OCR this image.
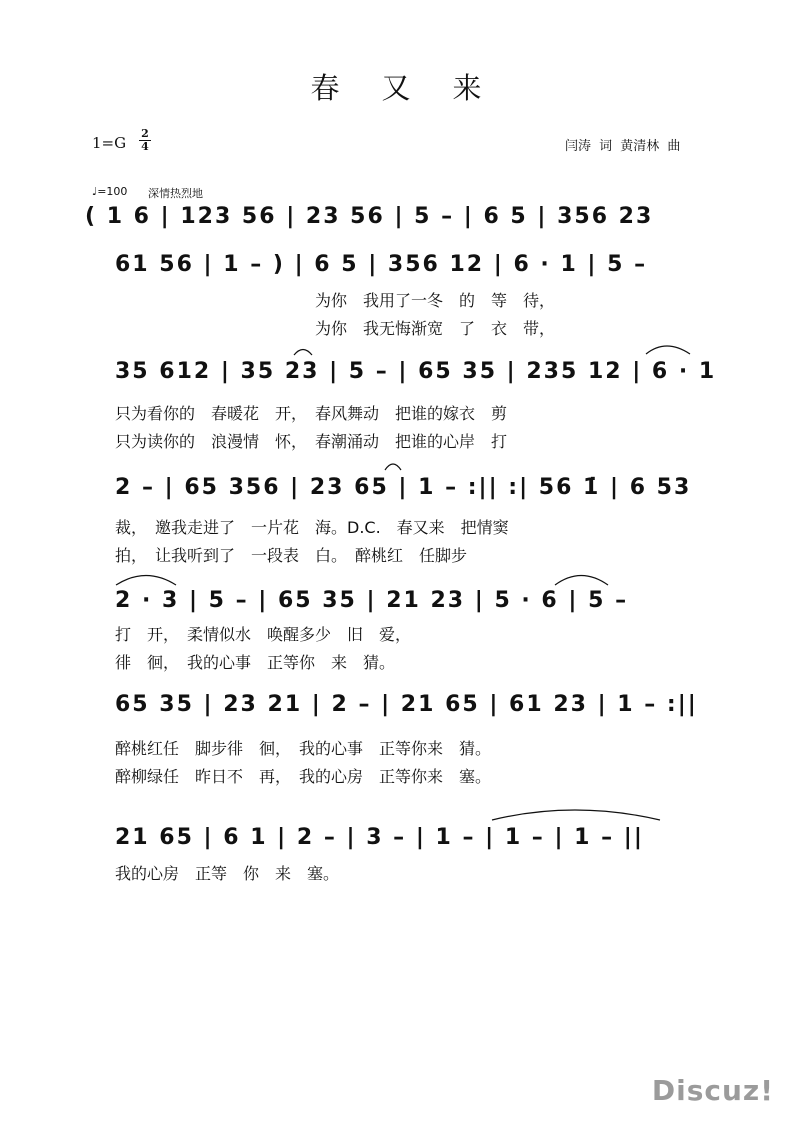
春又来
1=G
2
4	闫涛 词 黄清林 曲
♩=100 深情热烈地
( 1 6 | 123 56 | 23 56 | 5 – | 6 5 | 356 23
61 56 | 1 – ) | 6 5 | 356 12 | 6 · 1 | 5 –
为你　我用了一冬　的　等　待，
为你　我无悔渐宽　了　衣　带，
35 612 | 35 23 | 5 – | 65 35 | 235 12 | 6 · 1
只为看你的　春暖花　开，　春风舞动　把谁的嫁衣　剪
只为读你的　浪漫情　怀，　春潮涌动　把谁的心岸　打
2 – | 65 356 | 23 65 | 1 – :|| :| 56 1̇ | 6 53
裁，　邀我走进了　一片花　海。D.C.　春又来　把情窦
拍，　让我听到了　一段表　白。　醉桃红　任脚步
2 · 3 | 5 – | 65 35 | 21 23 | 5 · 6 | 5 –
打　开，　柔情似水　唤醒多少　旧　爱，
徘　徊，　我的心事　正等你　来　猜。
65 35 | 23 21 | 2 – | 21 65 | 61 23 | 1 – :||
醉桃红任　脚步徘　徊，　我的心事　正等你来　猜。
醉柳绿任　昨日不　再，　我的心房　正等你来　塞。
21 65 | 6 1 | 2 – | 3 – | 1 – | 1 – | 1 – ||
我的心房　正等　你　来　塞。
Discuz!
